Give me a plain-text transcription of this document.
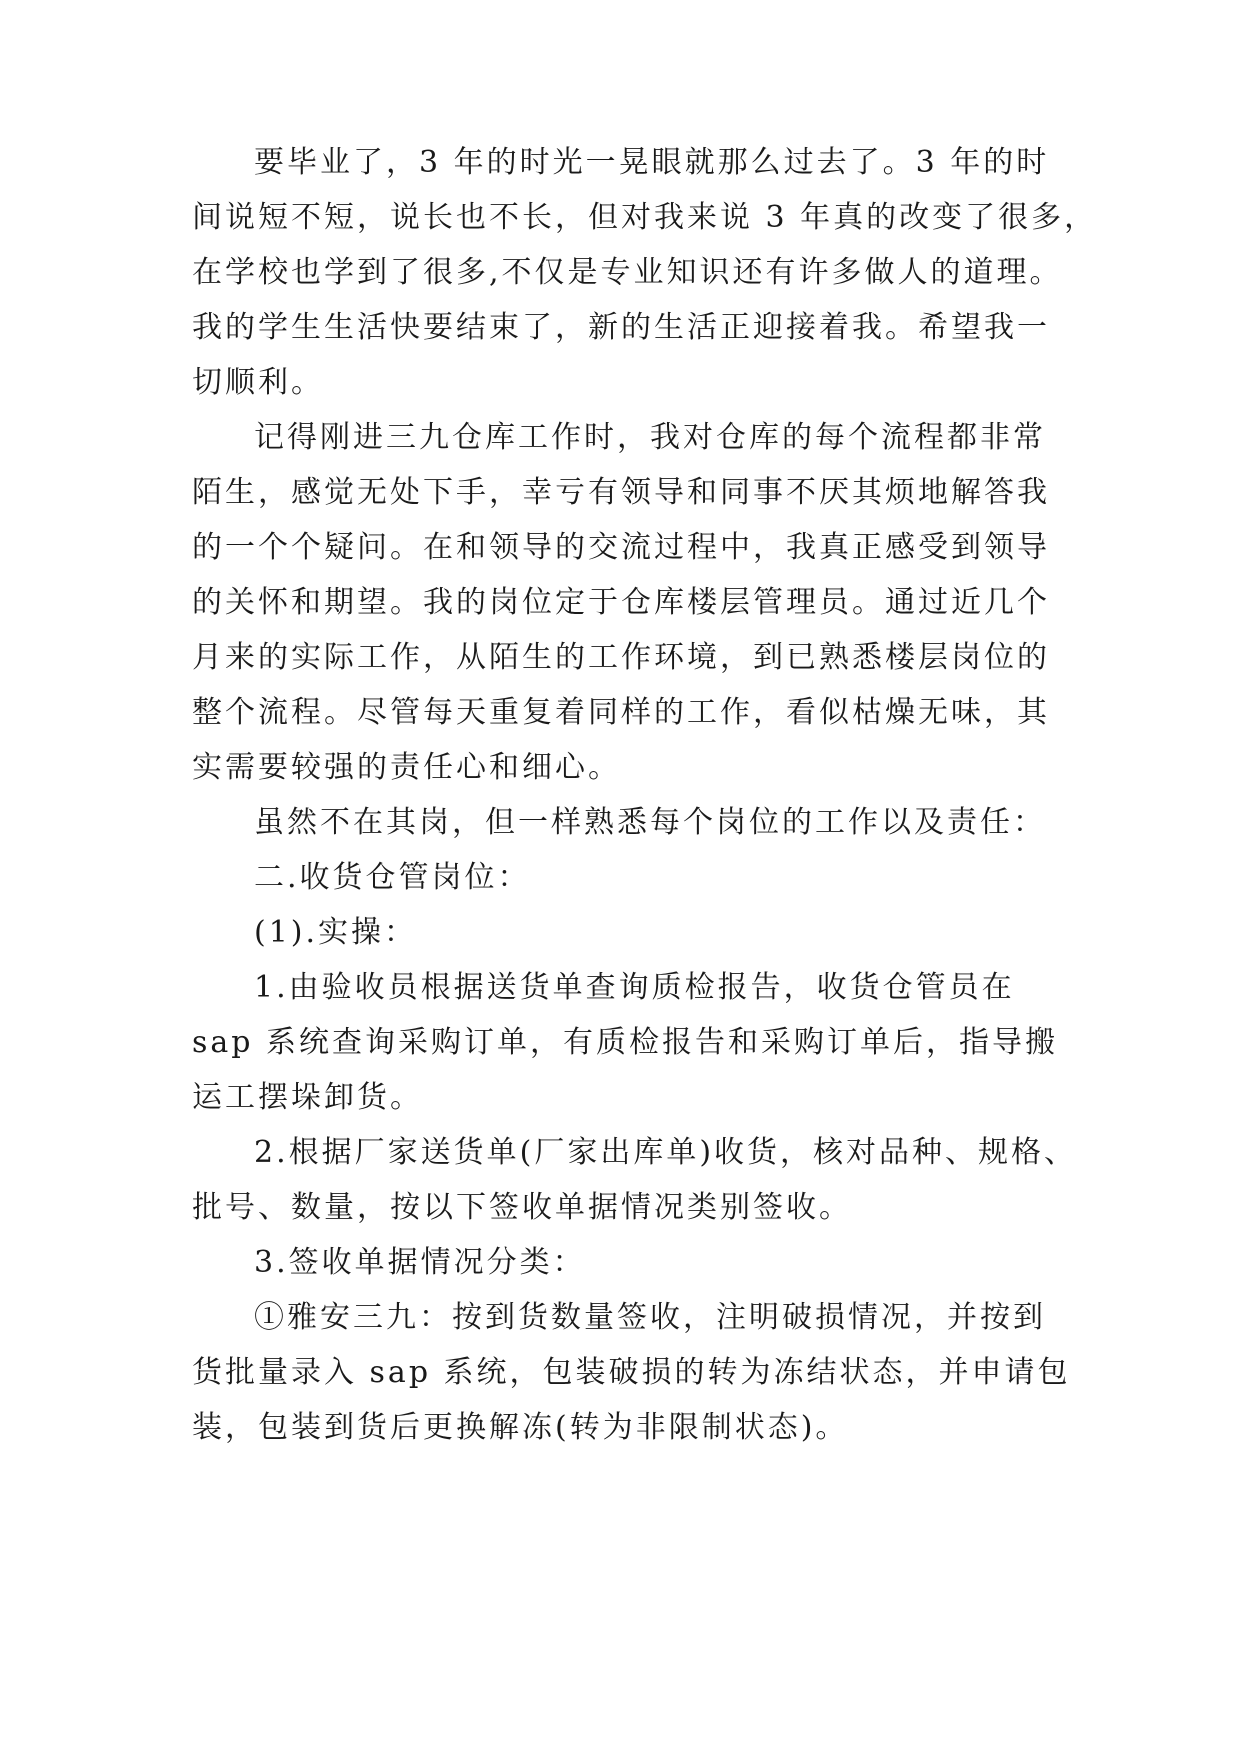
要毕业了，3 年的时光一晃眼就那么过去了。3 年的时
间说短不短，说长也不长，但对我来说 3 年真的改变了很多，
在学校也学到了很多,不仅是专业知识还有许多做人的道理。
我的学生生活快要结束了，新的生活正迎接着我。希望我一
切顺利。
记得刚进三九仓库工作时，我对仓库的每个流程都非常
陌生，感觉无处下手，幸亏有领导和同事不厌其烦地解答我
的一个个疑问。在和领导的交流过程中，我真正感受到领导
的关怀和期望。我的岗位定于仓库楼层管理员。通过近几个
月来的实际工作，从陌生的工作环境，到已熟悉楼层岗位的
整个流程。尽管每天重复着同样的工作，看似枯燥无味，其
实需要较强的责任心和细心。
虽然不在其岗，但一样熟悉每个岗位的工作以及责任：
二.收货仓管岗位：
(1).实操：
1.由验收员根据送货单查询质检报告，收货仓管员在
sap 系统查询采购订单，有质检报告和采购订单后，指导搬
运工摆垛卸货。
2.根据厂家送货单(厂家出库单)收货，核对品种、规格、
批号、数量，按以下签收单据情况类别签收。
3.签收单据情况分类：
①雅安三九：按到货数量签收，注明破损情况，并按到
货批量录入 sap 系统，包装破损的转为冻结状态，并申请包
装，包装到货后更换解冻(转为非限制状态)。
